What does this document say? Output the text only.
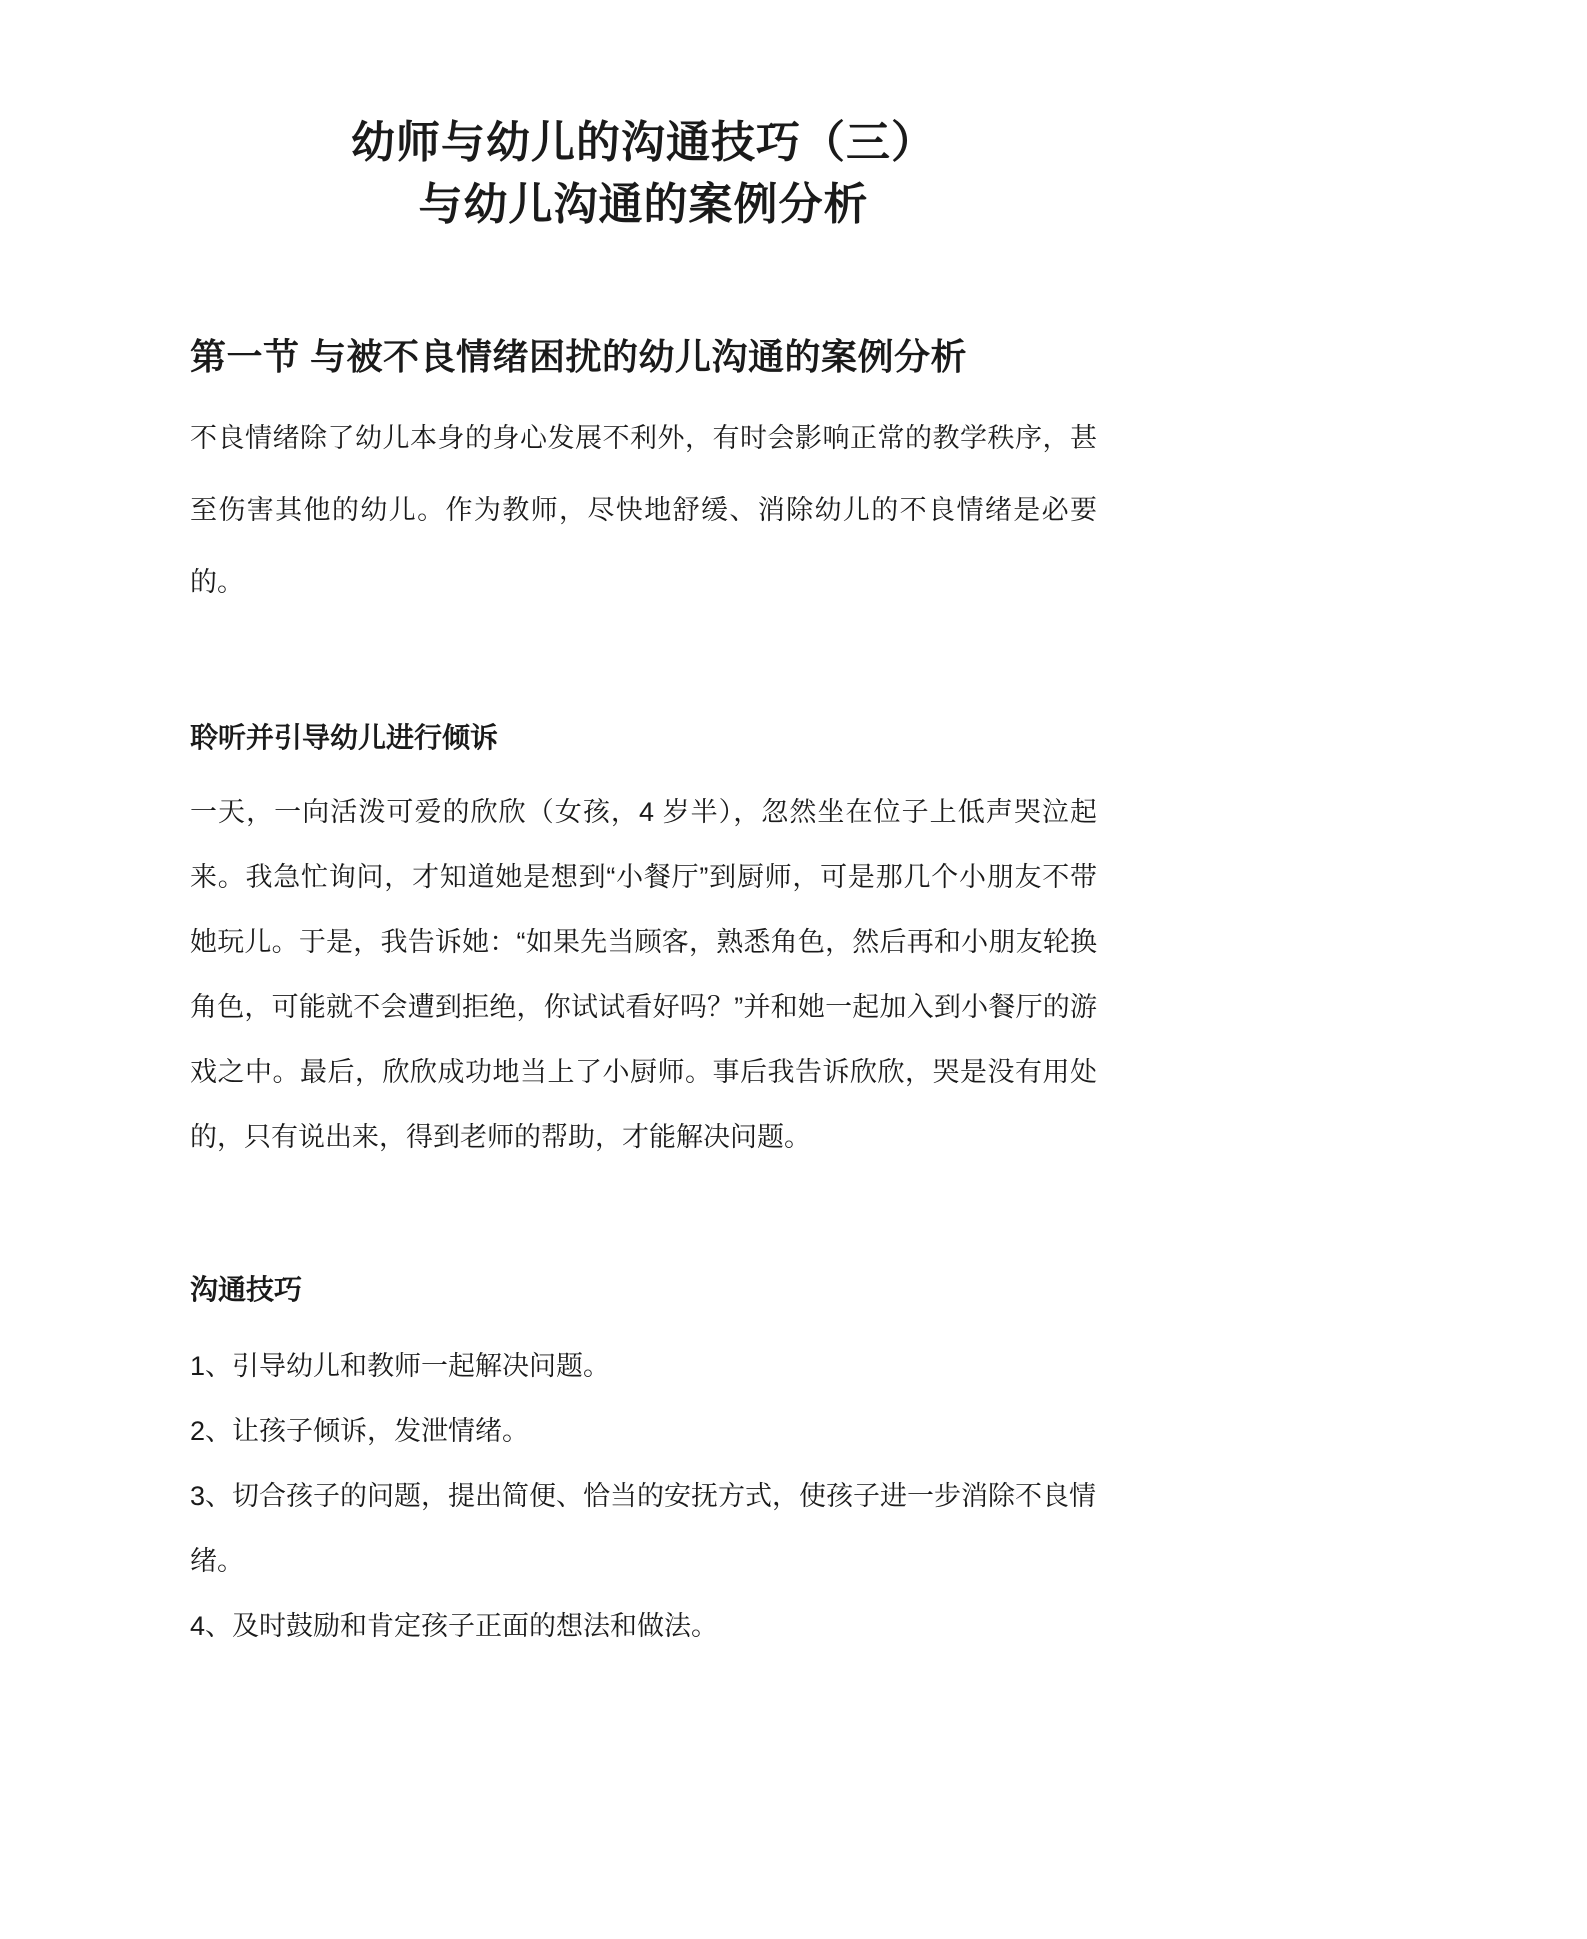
幼师与幼儿的沟通技巧（三）
与幼儿沟通的案例分析
第一节 与被不良情绪困扰的幼儿沟通的案例分析

不良情绪除了幼儿本身的身心发展不利外，有时会影响正常的教学秩序，甚至伤害其他的幼儿。作为教师，尽快地舒缓、消除幼儿的不良情绪是必要的。

聆听并引导幼儿进行倾诉

一天，一向活泼可爱的欣欣（女孩，4 岁半），忽然坐在位子上低声哭泣起来。我急忙询问，才知道她是想到“小餐厅”到厨师，可是那几个小朋友不带她玩儿。于是，我告诉她：“如果先当顾客，熟悉角色，然后再和小朋友轮换角色，可能就不会遭到拒绝，你试试看好吗？”并和她一起加入到小餐厅的游戏之中。最后，欣欣成功地当上了小厨师。事后我告诉欣欣，哭是没有用处的，只有说出来，得到老师的帮助，才能解决问题。

沟通技巧

1、引导幼儿和教师一起解决问题。

2、让孩子倾诉，发泄情绪。

3、切合孩子的问题，提出简便、恰当的安抚方式，使孩子进一步消除不良情绪。

4、及时鼓励和肯定孩子正面的想法和做法。
